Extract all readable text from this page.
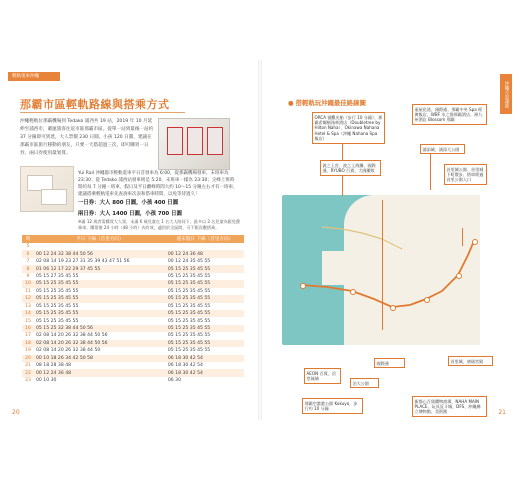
輕軌電車沖繩
那霸市區輕軌路線與搭乘方式
沖繩輕軌位那霸機場到 Tedako 浦西共 19 站，2019 年 10 月延伸至浦西市，載運旅客往返市區那霸市區。從單一站到最後一站約 37 分鐘即可到達，大人票價 230 日圓、小孩 120 日圓，建議在那霸市區旅行移動的朋友，只要一天搭超過三次，即可購買一日券、兩日券使用最划算。
Yui Rail 沖繩都市輕軌電車平日首發車為 6:00，從那霸機場發車，末班車為 23:30；從 Tedako 浦西站發車則是 5:20，末班車一樣為 23:30；尖峰上班時間約每 7 分鐘一班車，假日及平日離峰時間大約 10～15 分鐘左右才有一班車，建議搭乘輕軌電車先查詢車次表和搭車時間，以免等待過久！
一日券：大人 800 日圓，小孩 400 日圓
兩日券：大人 1400 日圓，小孩 700 日圓
※滿 12 歲者需購買大人票，未滿 6 歲兒童在 1 名大人陪同下，最多以 2 名兒童為限免費乘車。購票後 24 小時（48 小時）內有效，適用於全區間，可不限次數搭乘。
時	平日 下線（首里方向）	週末假日 下線（首里方向）
5		
6	00 12 24 32 38 44 50 56	00 12 24 36 48
7	02 08 14 19 23 27 31 35 39 43 47 51 56	00 12 24 35 45 55
8	01 06 12 17 22 29 37 45 55	05 15 25 35 45 55
9	05 15 27 35 45 55	05 15 25 35 45 55
10	05 15 25 35 45 55	05 15 25 35 45 55
11	05 15 25 35 45 55	05 15 25 35 45 55
12	05 15 25 35 45 55	05 15 25 35 45 55
13	05 15 25 35 45 55	05 15 25 35 45 55
14	05 15 25 35 45 55	05 15 25 35 45 55
15	05 15 25 35 45 55	05 15 25 35 45 55
16	05 15 25 32 38 44 50 56	05 15 25 35 45 55
17	02 08 14 20 26 32 38 44 50 56	05 15 25 35 45 55
18	02 08 14 20 26 32 38 44 50 56	05 15 25 35 45 55
19	02 08 14 20 26 32 38 44 50	05 15 25 35 45 55
20	00 10 18 26 34 42 50 58	06 18 30 42 54
21	08 18 28 38 48	06 18 30 42 54
22	00 12 24 36 48	06 18 30 42 54
23	00 10 30	06 30
20
沖繩不思議旅
● 搭輕軌玩沖繩最佳路線圖
ORCA 號觀光船（步行 10 分鐘）、那霸希爾頓逸林酒店（Doubletree by Hilton Naha）、Okinawa Nahana Hotel & Spa（沖繩 Nahana Spa 飯店）
壺屋花道、國際通、那霸中央 Spa 經濟飯店、WBF 水之都那霸酒店、洲九州酒店 Blossom 那霸
波之上宮、波之上海灘、國際通、RYUBO 百貨、大國藥妝
浦添城、浦添大公園
首里城公園、首里城下町散步、搭車經過首里公園入口
國際通
AEON 百貨、洽堂琉璃
泊大公園
那霸空港港公園 Kokuyo，步行約 10 分鐘
新都心百貨購物商場、NAHA MAIN PLACE、玩具反斗城、DFS、沖繩縣立博物館、美術館
首里城、唐琉宮殿
21
